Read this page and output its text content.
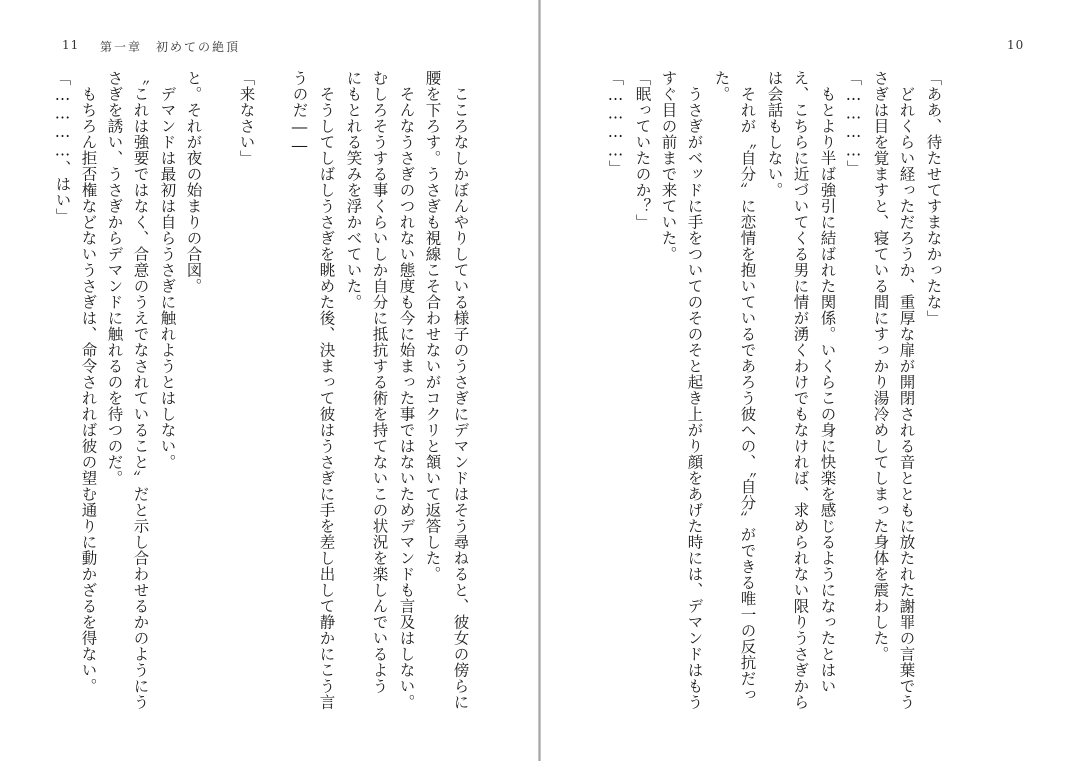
11 第一章　初めての絶頂
　こころなしかぼんやりしている様子のうさぎにデマンドはそう尋ねると、彼女の傍らに
腰を下ろす。うさぎも視線こそ合わせないがコクリと頷いて返答した。
　そんなうさぎのつれない態度も今に始まった事ではないためデマンドも言及はしない。
むしろそうする事くらいしか自分に抵抗する術を持てないこの状況を楽しんでいるよう
にもとれる笑みを浮かべていた。
　そうしてしばしうさぎを眺めた後、決まって彼はうさぎに手を差し出して静かにこう言
うのだ――
「来なさい」
と。それが夜の始まりの合図。
　デマンドは最初は自らうさぎに触れようとはしない。
〝これは強要ではなく、合意のうえでなされていること〟だと示し合わせるかのようにう
さぎを誘い、うさぎからデマンドに触れるのを待つのだ。
　もちろん拒否権などないうさぎは、命令されれば彼の望む通りに動かざるを得ない。
「…………、はい」
10
「ああ、待たせてすまなかったな」
　どれくらい経っただろうか、重厚な扉が開閉される音とともに放たれた謝罪の言葉でう
さぎは目を覚ますと、寝ている間にすっかり湯冷めしてしまった身体を震わした。
「…………」
　もとより半ば強引に結ばれた関係。いくらこの身に快楽を感じるようになったとはい
え、こちらに近づいてくる男に情が湧くわけでもなければ、求められない限りうさぎから
は会話もしない。
　それが〝自分〟に恋情を抱いているであろう彼への、〝自分〟ができる唯一の反抗だっ
た。
　うさぎがベッドに手をついてのそのそと起き上がり顔をあげた時には、デマンドはもう
すぐ目の前まで来ていた。
「眠っていたのか？」
「…………」
